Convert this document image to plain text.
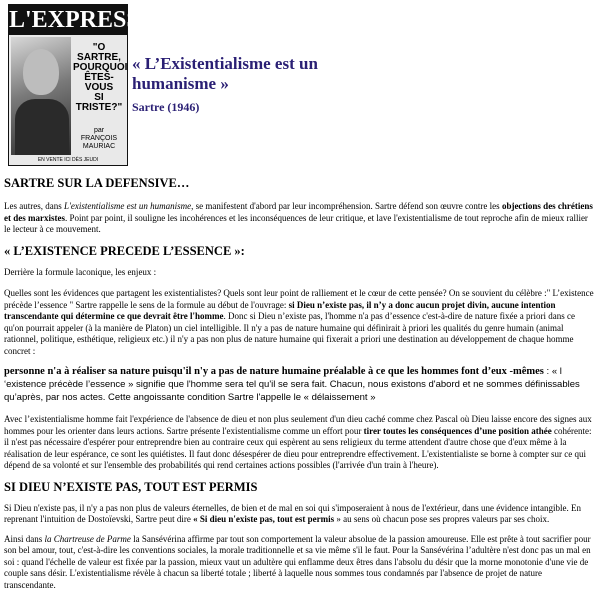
L'EXPRESS
"O SARTRE,
POURQUOI
ÊTES-VOUS
SI TRISTE?"
par
FRANÇOIS
MAURIAC
EN VENTE ICI DÈS JEUDI
« L’Existentialisme est un humanisme »
Sartre (1946)
SARTRE SUR LA DEFENSIVE…

Les autres, dans L'existentialisme est un humanisme, se manifestent d'abord par leur incompréhension. Sartre défend son œuvre contre les objections des chrétiens et des marxistes. Point par point, il souligne les incohérences et les inconséquences de leur critique, et lave l'existentialisme de tout reproche afin de mieux rallier le lecteur à ce mouvement.

« L’EXISTENCE PRECEDE L’ESSENCE »:

Derrière la formule laconique, les enjeux :

Quelles sont les évidences que partagent les existentialistes? Quels sont leur point de ralliement et le cœur de cette pensée? On se souvient du célèbre :" L’existence précède l’essence " Sartre rappelle le sens de la formule au début de l'ouvrage: si Dieu n’existe pas, il n’y a donc aucun projet divin, aucune intention transcendante qui détermine ce que devrait être l'homme. Donc si Dieu n’existe pas, l'homme n'a pas d’essence c'est-à-dire de nature fixée a priori dans ce qu'on pourrait appeler (à la manière de Platon) un ciel intelligible. Il n'y a pas de nature humaine qui définirait à priori les qualités du genre humain (animal rationnel, politique, esthétique, religieux etc.) il n'y a pas non plus de nature humaine qui fixerait a priori une destination au développement de chaque homme concret :

personne n'a à réaliser sa nature puisqu'il n'y a pas de nature humaine préalable à ce que les hommes font d’eux -mêmes : « l ‘existence précède l’essence » signifie que l'homme sera tel qu'il se sera fait. Chacun, nous existons d'abord et ne sommes définissables qu’après, par nos actes. Cette angoissante condition Sartre l'appelle le « délaissement »

Avec l’existentialisme homme fait l'expérience de l'absence de dieu et non plus seulement d'un dieu caché comme chez Pascal où Dieu laisse encore des signes aux hommes pour les orienter dans leurs actions. Sartre présente l'existentialisme comme un effort pour tirer toutes les conséquences d’une position athée cohérente: il n'est pas nécessaire d'espérer pour entreprendre bien au contraire ceux qui espèrent au sens religieux du terme attendent d'autre chose que d'eux même à la réalisation de leur espérance, ce sont les quiétistes. Il faut donc désespérer de dieu pour entreprendre effectivement. L'existentialiste se borne à compter sur ce qui dépend de sa volonté et sur l'ensemble des probabilités qui rend certaines actions possibles (l'arrivée d'un train à l'heure).

SI DIEU N’EXISTE PAS, TOUT EST PERMIS

Si Dieu n'existe pas, il n'y a pas non plus de valeurs éternelles, de bien et de mal en soi qui s'imposeraient à nous de l'extérieur, dans une évidence intangible. En reprenant l'intuition de Dostoïevski, Sartre peut dire « Si dieu n'existe pas, tout est permis » au sens où chacun pose ses propres valeurs par ses choix.

Ainsi dans la Chartreuse de Parme la Sansévérina affirme par tout son comportement la valeur absolue de la passion amoureuse. Elle est prête à tout sacrifier pour son bel amour, tout, c'est-à-dire les conventions sociales, la morale traditionnelle et sa vie même s'il le faut. Pour la Sansévérina l’adultère n'est donc pas un mal en soi : quand l'échelle de valeur est fixée par la passion, mieux vaut un adultère qui enflamme deux êtres dans l'absolu du désir que la morne monotonie d'une vie de couple sans désir. L'existentialisme révèle à chacun sa liberté totale ; liberté à laquelle nous sommes tous condamnés par l'absence de projet de nature transcendante.
